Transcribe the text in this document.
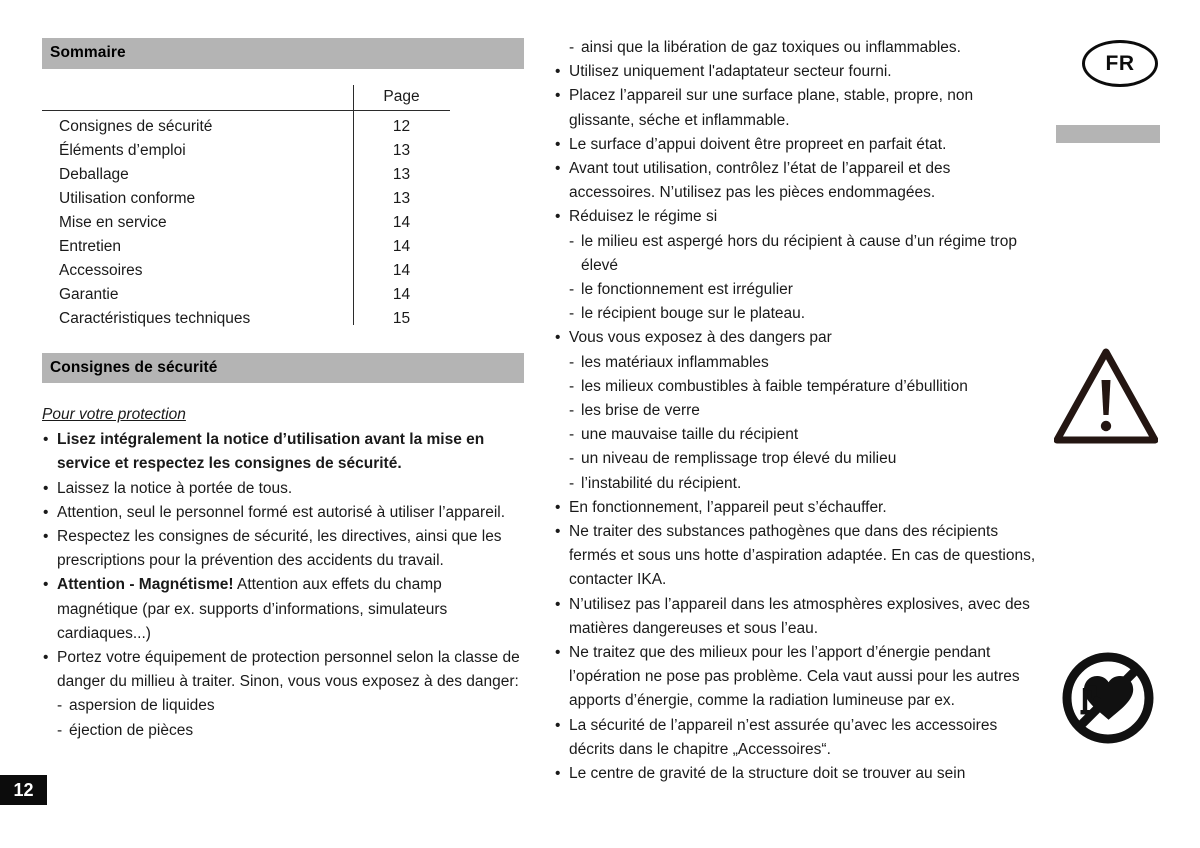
Sommaire
Page
Consignes de sécurité	12
Éléments d’emploi	13
Deballage	13
Utilisation conforme	13
Mise en service	14
Entretien	14
Accessoires	14
Garantie	14
Caractéristiques techniques	15
Consignes de sécurité
Pour votre protection
• Lisez intégralement la notice d’utilisation avant la mise en service et respectez les consignes de sécurité.
• Laissez la notice à portée de tous.
• Attention, seul le personnel formé est autorisé à utiliser l’appareil.
• Respectez les consignes de sécurité, les directives, ainsi que les prescriptions pour la prévention des accidents du travail.
• Attention - Magnétisme! Attention aux effets du champ magnétique (par ex. supports d’informations, simulateurs cardiaques...)
• Portez votre équipement de protection personnel selon la classe de danger du millieu à traiter. Sinon, vous vous exposez à des danger:
- aspersion de liquides
- éjection de pièces
- ainsi que la libération de gaz toxiques ou inflammables.
• Utilisez uniquement l'adaptateur secteur fourni.
• Placez l’appareil sur une surface plane, stable, propre, non glissante, séche et inflammable.
• Le surface d’appui doivent être propreet en parfait état.
• Avant tout utilisation, contrôlez l’état de l’appareil et des accessoires. N’utilisez pas les pièces endommagées.
• Réduisez le régime si
- le milieu est aspergé hors du récipient à cause d’un régime trop élevé
- le fonctionnement est irrégulier
- le récipient bouge sur le plateau.
• Vous vous exposez à des dangers par
- les matériaux inflammables
- les milieux combustibles à faible température d’ébullition
- les brise de verre
- une mauvaise taille du récipient
- un niveau de remplissage trop élevé du milieu
- l’instabilité du récipient.
• En fonctionnement, l’appareil peut s’échauffer.
• Ne traiter des substances pathogènes que dans des récipients fermés et sous uns hotte d’aspiration adaptée. En cas de questions, contacter IKA.
• N’utilisez pas l’appareil dans les atmosphères explosives, avec des matières dangereuses et sous l’eau.
• Ne traitez que des milieux pour les l’apport d’énergie pendant l’opération ne pose pas problème. Cela vaut aussi pour les autres apports d’énergie, comme la radiation lumineuse par ex.
• La sécurité de l’appareil n’est assurée qu’avec les accessoires décrits dans le chapitre „Accessoires“.
• Le centre de gravité de la structure doit se trouver au sein
12
FR
